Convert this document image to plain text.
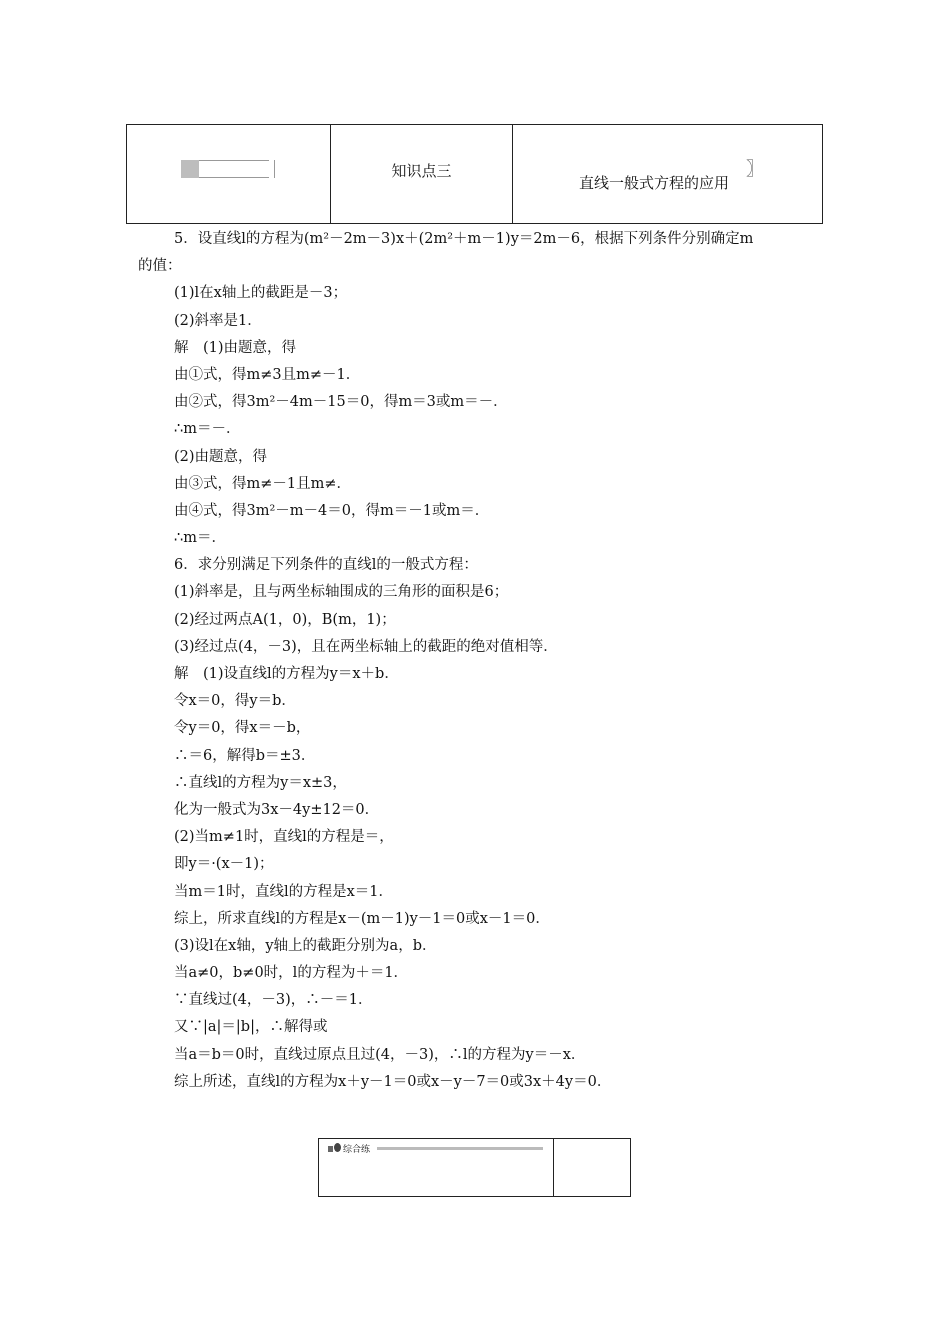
知识点三
直线一般式方程的应用
〗
5．设直线l的方程为(m²－2m－3)x＋(2m²＋m－1)y＝2m－6，根据下列条件分别确定m
的值：
(1)l在x轴上的截距是－3；
(2)斜率是1．
解　(1)由题意，得
由①式，得m≠3且m≠－1．
由②式，得3m²－4m－15＝0，得m＝3或m＝－．
∴m＝－．
(2)由题意，得
由③式，得m≠－1且m≠．
由④式，得3m²－m－4＝0，得m＝－1或m＝．
∴m＝．
6．求分别满足下列条件的直线l的一般式方程：
(1)斜率是，且与两坐标轴围成的三角形的面积是6；
(2)经过两点A(1，0)，B(m，1)；
(3)经过点(4，－3)，且在两坐标轴上的截距的绝对值相等．
解　(1)设直线l的方程为y＝x＋b．
令x＝0，得y＝b．
令y＝0，得x＝－b，
∴＝6，解得b＝±3．
∴直线l的方程为y＝x±3，
化为一般式为3x－4y±12＝0．
(2)当m≠1时，直线l的方程是＝，
即y＝·(x－1)；
当m＝1时，直线l的方程是x＝1．
综上，所求直线l的方程是x－(m－1)y－1＝0或x－1＝0．
(3)设l在x轴，y轴上的截距分别为a，b．
当a≠0，b≠0时，l的方程为＋＝1．
∵直线过(4，－3)，∴－＝1．
又∵|a|＝|b|，∴解得或
当a＝b＝0时，直线过原点且过(4，－3)，∴l的方程为y＝－x．
综上所述，直线l的方程为x＋y－1＝0或x－y－7＝0或3x＋4y＝0．
综合练
